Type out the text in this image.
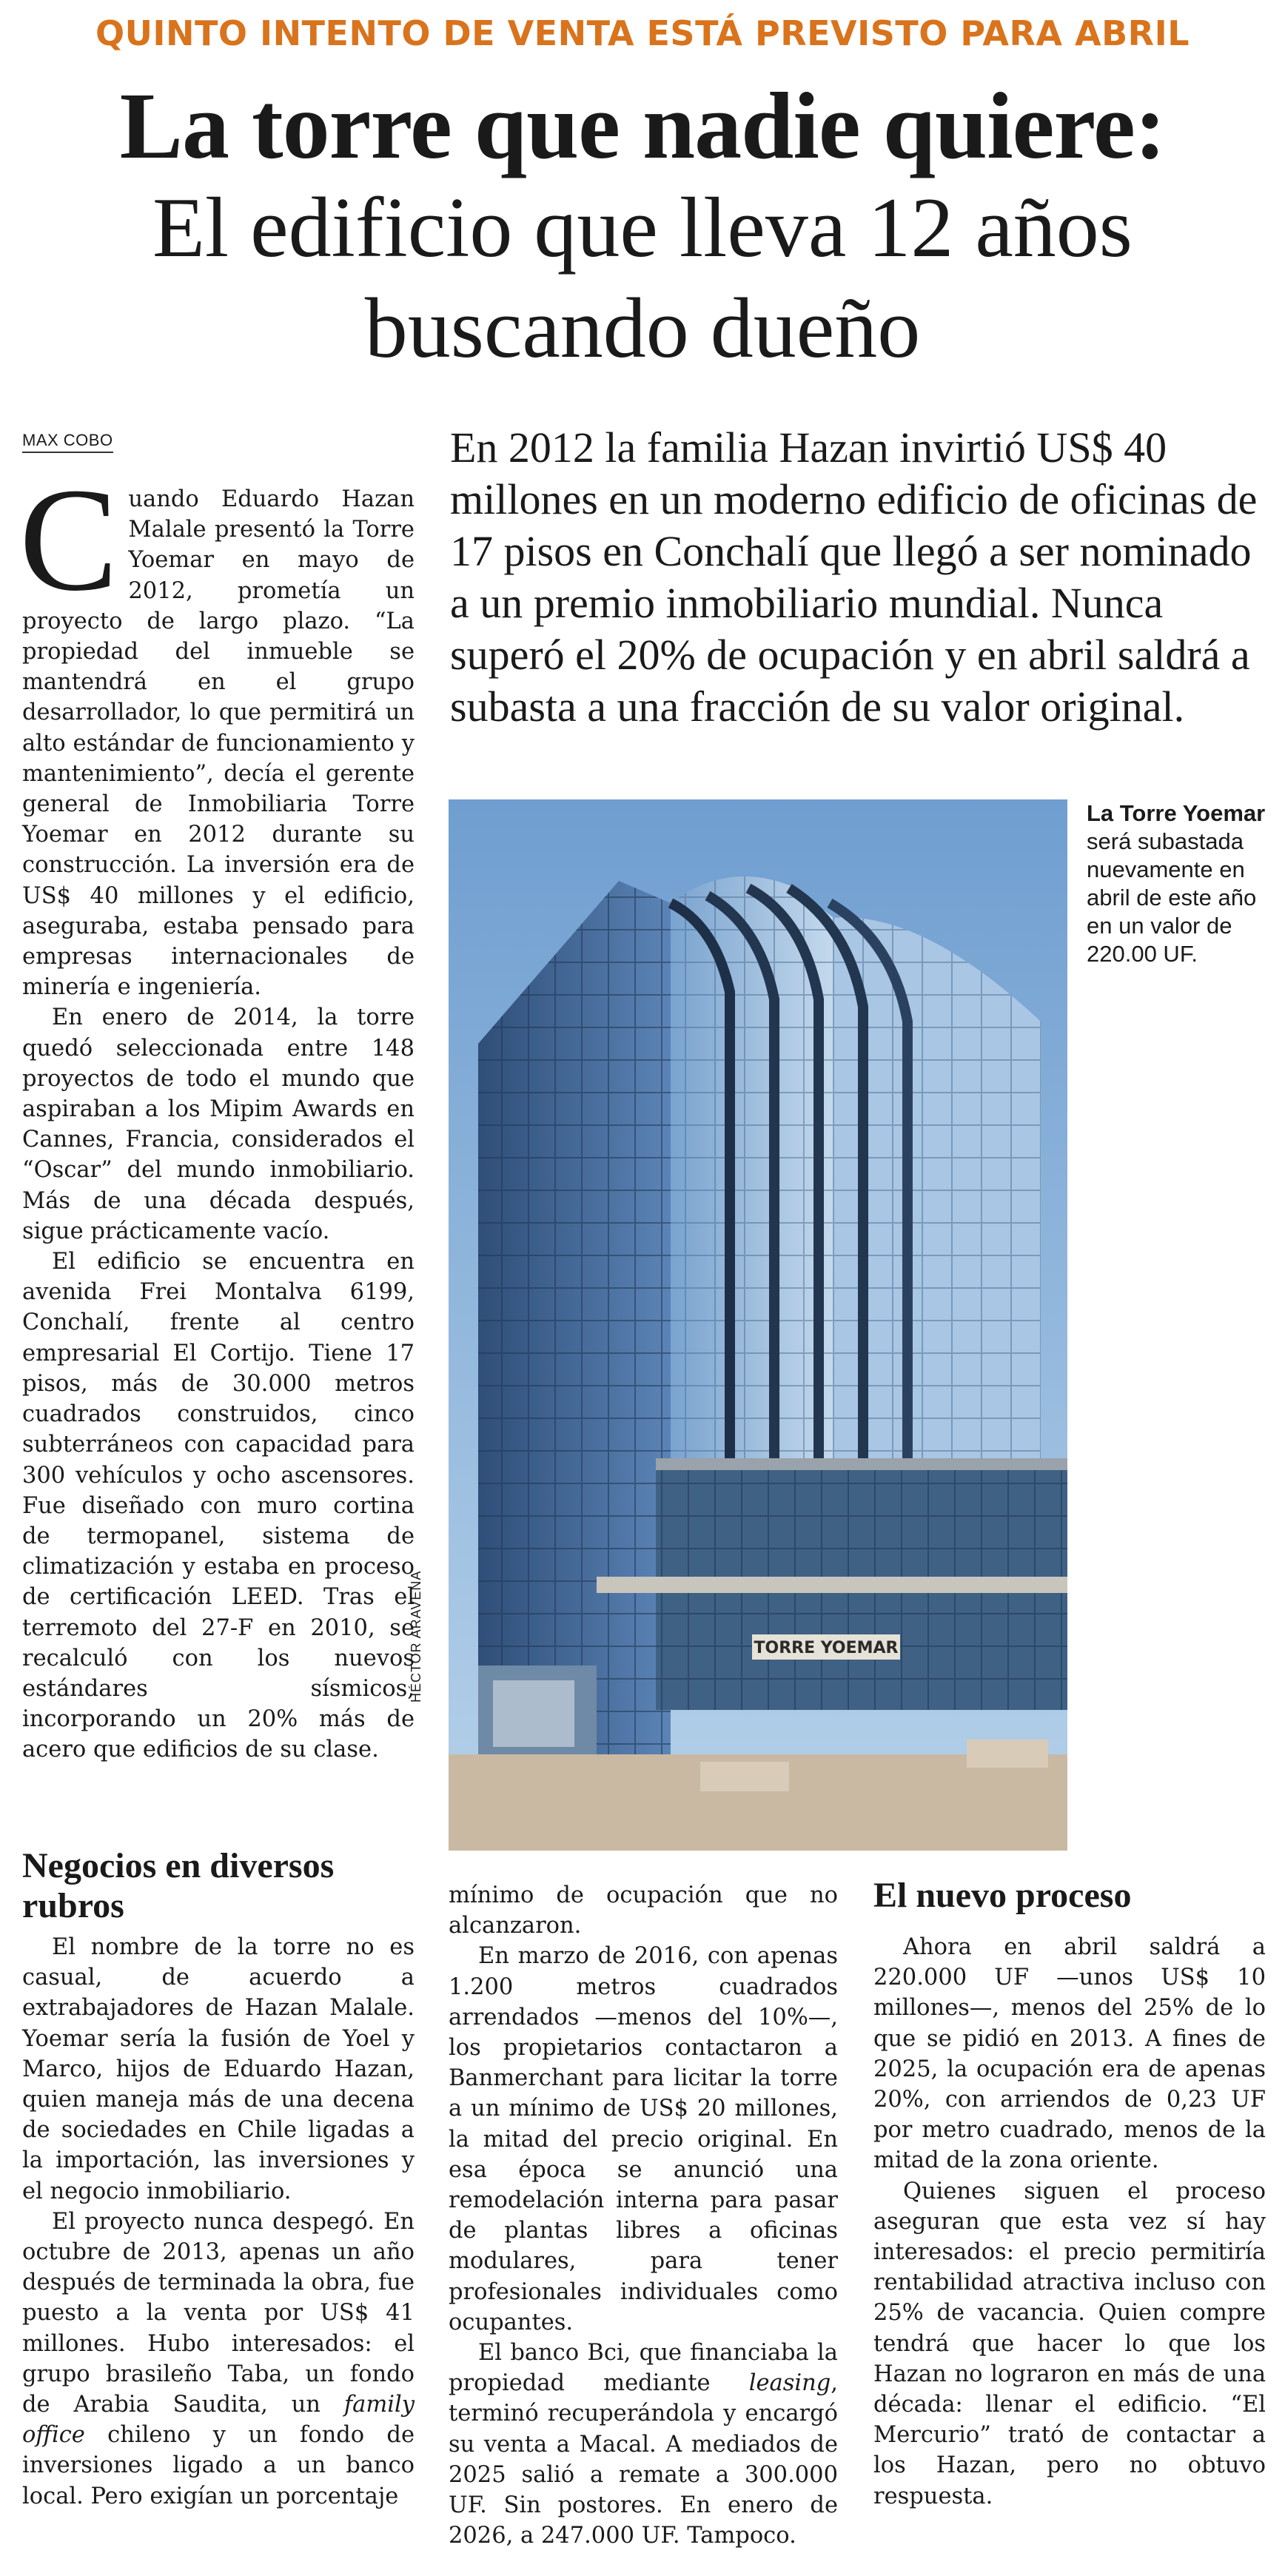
QUINTO INTENTO DE VENTA ESTÁ PREVISTO PARA ABRIL
La torre que nadie quiere:
El edificio que lleva 12 años
buscando dueño
MAX COBO	En 2012 la familia Hazan invirtió US$ 40 millones en un moderno edificio de oficinas de 17 pisos en Conchalí que llegó a ser nominado a un premio inmobiliario mundial. Nunca superó el 20% de ocupación y en abril saldrá a subasta a una fracción de su valor original.
C uando Eduardo Hazan Malale presentó la Torre Yoemar en mayo de 2012, prometía un proyecto de largo plazo. “La propiedad del inmueble se mantendrá en el grupo desarrollador, lo que permitirá un alto estándar de funcionamiento y mantenimiento”, decía el gerente general de Inmobiliaria Torre Yoemar en 2012 durante su construcción. La inversión era de US$ 40 millones y el edificio, aseguraba, estaba pensado para empresas internacionales de minería e ingeniería.

En enero de 2014, la torre quedó seleccionada entre 148 proyectos de todo el mundo que aspiraban a los Mipim Awards en Cannes, Francia, considerados el “Oscar” del mundo inmobiliario. Más de una década después, sigue prácticamente vacío.

El edificio se encuentra en avenida Frei Montalva 6199, Conchalí, frente al centro empresarial El Cortijo. Tiene 17 pisos, más de 30.000 metros cuadrados construidos, cinco subterráneos con capacidad para 300 vehículos y ocho ascensores. Fue diseñado con muro cortina de termopanel, sistema de climatización y estaba en proceso de certificación LEED. Tras el terremoto del 27-F en 2010, se recalculó con los nuevos estándares sísmicos, incorporando un 20% más de acero que edificios de su clase.

TORRE YOEMAR
HÉCTOR ARAVENA
La Torre Yoemar será subastada nuevamente en abril de este año en un valor de 220.00 UF.
Negocios en diversos rubros

El nombre de la torre no es casual, de acuerdo a extrabajadores de Hazan Malale. Yoemar sería la fusión de Yoel y Marco, hijos de Eduardo Hazan, quien maneja más de una decena de sociedades en Chile ligadas a la importación, las inversiones y el negocio inmobiliario.

El proyecto nunca despegó. En octubre de 2013, apenas un año después de terminada la obra, fue puesto a la venta por US$ 41 millones. Hubo interesados: el grupo brasileño Taba, un fondo de Arabia Saudita, un family office chileno y un fondo de inversiones ligado a un banco local. Pero exigían un porcentaje

mínimo de ocupación que no alcanzaron.

En marzo de 2016, con apenas 1.200 metros cuadrados arrendados —menos del 10%—, los propietarios contactaron a Banmerchant para licitar la torre a un mínimo de US$ 20 millones, la mitad del precio original. En esa época se anunció una remodelación interna para pasar de plantas libres a oficinas modulares, para tener profesionales individuales como ocupantes.

El banco Bci, que financiaba la propiedad mediante leasing, terminó recuperándola y encargó su venta a Macal. A mediados de 2025 salió a remate a 300.000 UF. Sin postores. En enero de 2026, a 247.000 UF. Tampoco.

El nuevo proceso

Ahora en abril saldrá a 220.000 UF —unos US$ 10 millones—, menos del 25% de lo que se pidió en 2013. A fines de 2025, la ocupación era de apenas 20%, con arriendos de 0,23 UF por metro cuadrado, menos de la mitad de la zona oriente.

Quienes siguen el proceso aseguran que esta vez sí hay interesados: el precio permitiría rentabilidad atractiva incluso con 25% de vacancia. Quien compre tendrá que hacer lo que los Hazan no lograron en más de una década: llenar el edificio. “El Mercurio” trató de contactar a los Hazan, pero no obtuvo respuesta.
